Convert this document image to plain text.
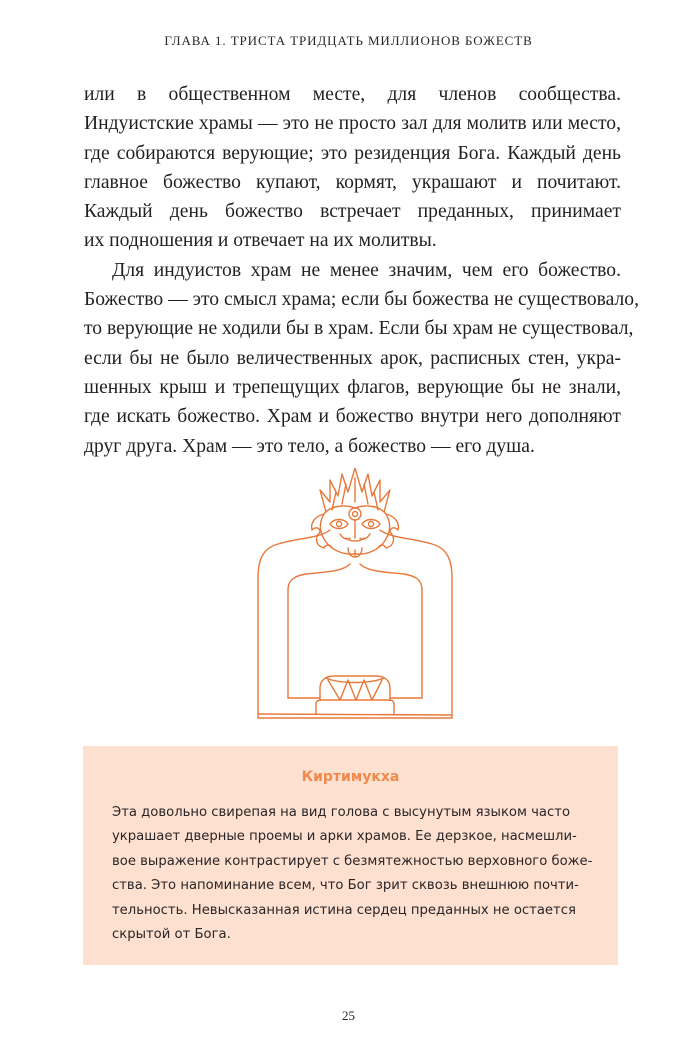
ГЛАВА 1. ТРИСТА ТРИДЦАТЬ МИЛЛИОНОВ БОЖЕСТВ
или в общественном месте, для членов сообщества.
Индуистские храмы — это не просто зал для молитв или место,
где собираются верующие; это резиденция Бога. Каждый день
главное божество купают, кормят, украшают и почитают.
Каждый день божество встречает преданных, принимает
их подношения и отвечает на их молитвы.
Для индуистов храм не менее значим, чем его божество.
Божество — это смысл храма; если бы божества не существовало,
то верующие не ходили бы в храм. Если бы храм не существовал,
если бы не было величественных арок, расписных стен, укра-
шенных крыш и трепещущих флагов, верующие бы не знали,
где искать божество. Храм и божество внутри него дополняют
друг друга. Храм — это тело, а божество — его душа.
Киртимукха
Эта довольно свирепая на вид голова с высунутым языком часто
украшает дверные проемы и арки храмов. Ее дерзкое, насмешли-
вое выражение контрастирует с безмятежностью верховного боже-
ства. Это напоминание всем, что Бог зрит сквозь внешнюю почти-
тельность. Невысказанная истина сердец преданных не остается
скрытой от Бога.
25
